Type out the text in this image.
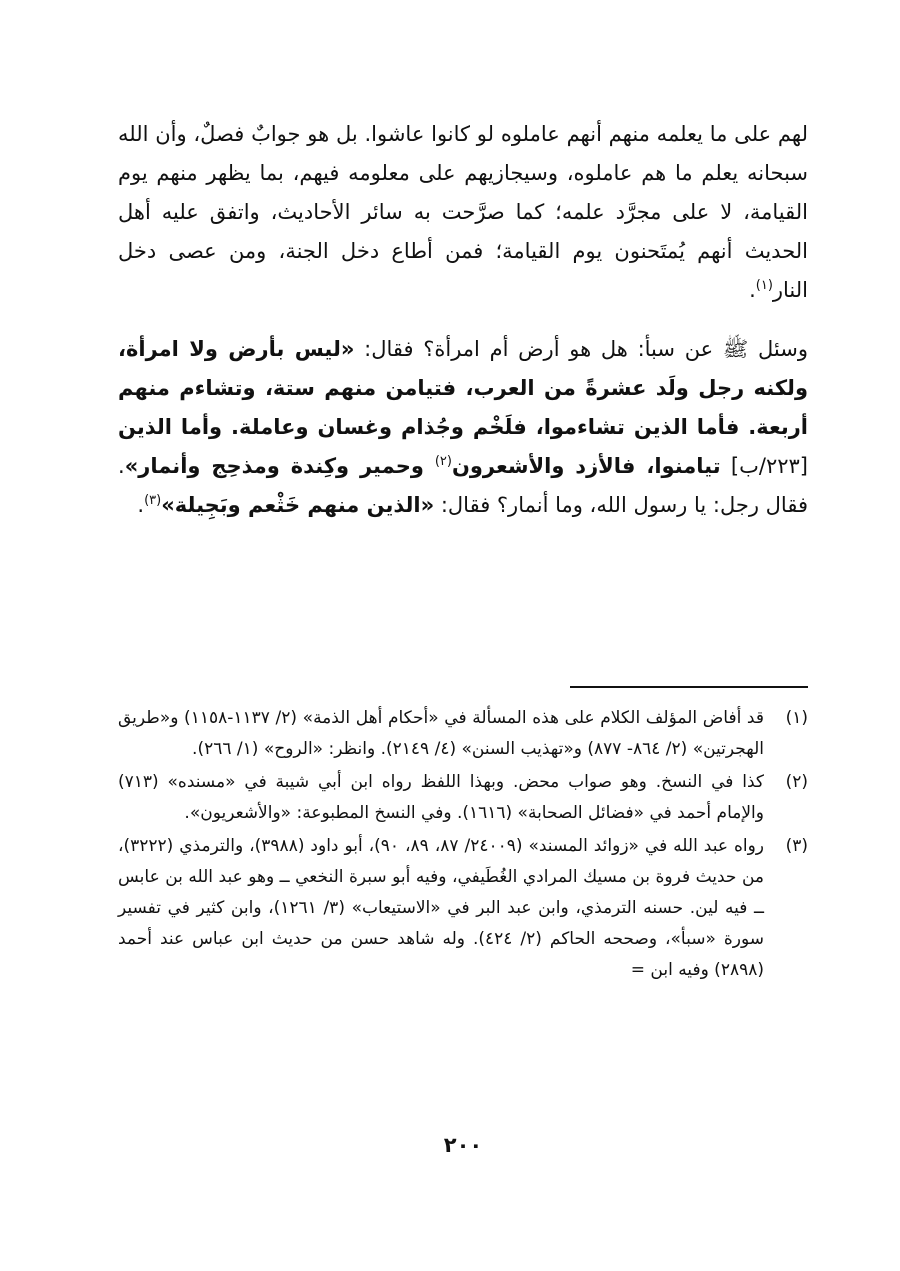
لهم على ما يعلمه منهم أنهم عاملوه لو كانوا عاشوا. بل هو جوابٌ فصلٌ، وأن الله سبحانه يعلم ما هم عاملوه، وسيجازيهم على معلومه فيهم، بما يظهر منهم يوم القيامة، لا على مجرَّد علمه؛ كما صرَّحت به سائر الأحاديث، واتفق عليه أهل الحديث أنهم يُمتَحنون يوم القيامة؛ فمن أطاع دخل الجنة، ومن عصى دخل النار$^{(١)}$.

وسئل ﷺ عن سبأ: هل هو أرض أم امرأة؟ فقال: «ليس بأرض ولا امرأة، ولكنه رجل ولَد عشرةً من العرب، فتيامن منهم ستة، وتشاءم منهم أربعة. فأما الذين تشاءموا، فلَخْم وجُذام وغسان وعاملة. وأما الذين [٢٢٣/ب] تيامنوا، فالأزد والأشعرون$^{(٢)}$ وحمير وكِندة ومذحِج وأنمار». فقال رجل: يا رسول الله، وما أنمار؟ فقال: «الذين منهم خَثْعم وبَجِيلة»$^{(٣)}$.

(١)
قد أفاض المؤلف الكلام على هذه المسألة في «أحكام أهل الذمة» (٢/ ١١٣٧-١١٥٨) و«طريق الهجرتين» (٢/ ٨٦٤- ٨٧٧) و«تهذيب السنن» (٤/ ٢١٤٩). وانظر: «الروح» (١/ ٢٦٦).
(٢)
كذا في النسخ. وهو صواب محض. وبهذا اللفظ رواه ابن أبي شيبة في «مسنده» (٧١٣) والإمام أحمد في «فضائل الصحابة» (١٦١٦). وفي النسخ المطبوعة: «والأشعريون».
(٣)
رواه عبد الله في «زوائد المسند» (٢٤٠٠٩/ ٨٧، ٨٩، ٩٠)، أبو داود (٣٩٨٨)، والترمذي (٣٢٢٢)، من حديث فروة بن مسيك المرادي الغُطَيفي، وفيه أبو سبرة النخعي ــ وهو عبد الله بن عابس ــ فيه لين. حسنه الترمذي، وابن عبد البر في «الاستيعاب» (٣/ ١٢٦١)، وابن كثير في تفسير سورة «سبأ»، وصححه الحاكم (٢/ ٤٢٤). وله شاهد حسن من حديث ابن عباس عند أحمد (٢٨٩٨) وفيه ابن =
٢٠٠
